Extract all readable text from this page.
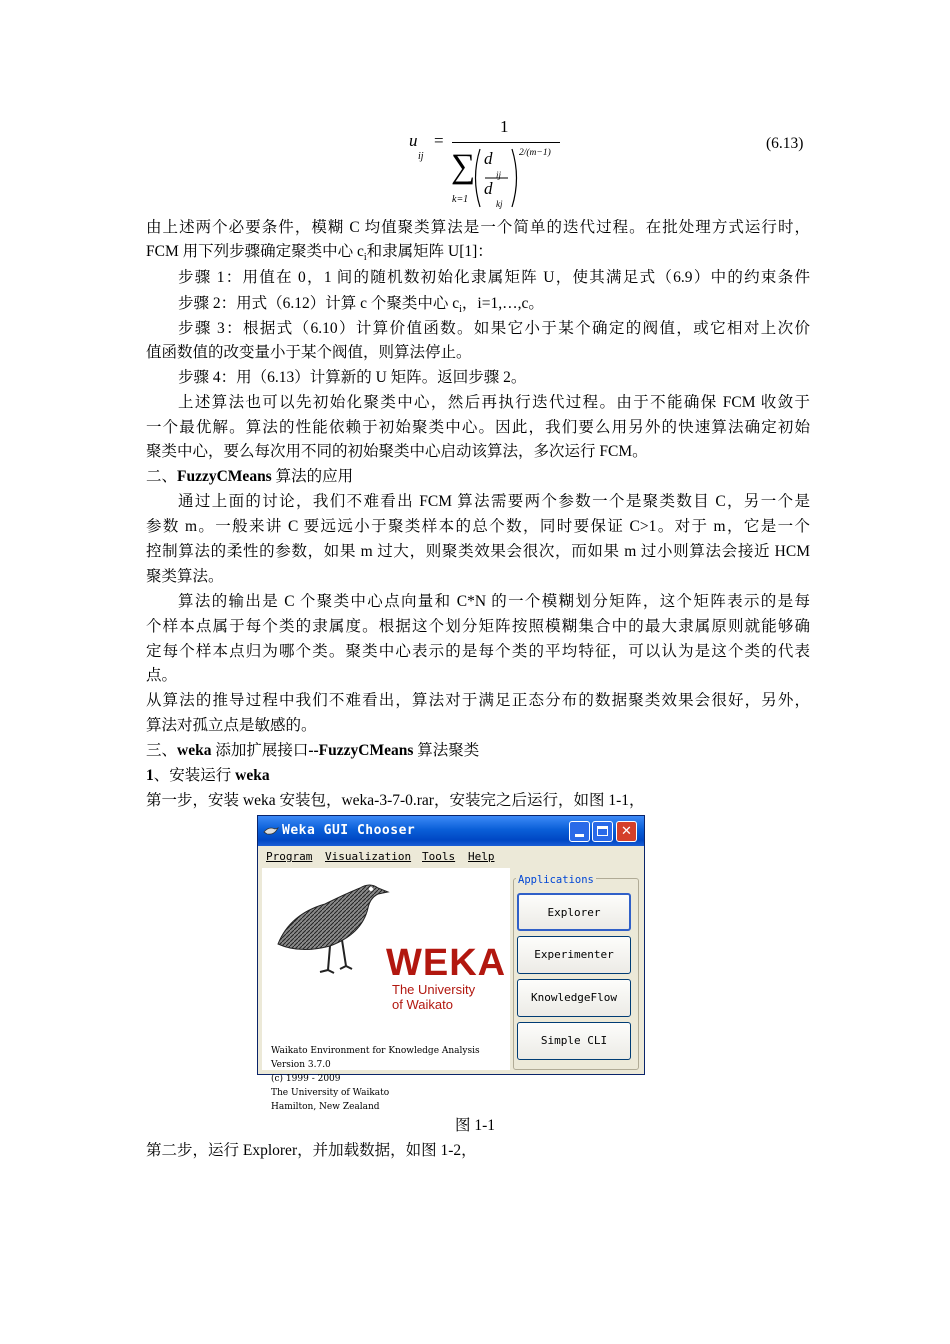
u
ij
=
1
∑
k=1
d
ij
d
kj
2/(m−1)
(6.13)
由上述两个必要条件，模糊 C 均值聚类算法是一个简单的迭代过程。在批处理方式运行时，
FCM 用下列步骤确定聚类中心 $c_i$和隶属矩阵 U[1]：
步骤 1：用值在 0，1 间的随机数初始化隶属矩阵 U，使其满足式（6.9）中的约束条件
步骤 2：用式（6.12）计算 c 个聚类中心 $c_i$，i=1,…,c。
步骤 3：根据式（6.10）计算价值函数。如果它小于某个确定的阀值，或它相对上次价
值函数值的改变量小于某个阀值，则算法停止。
步骤 4：用（6.13）计算新的 U 矩阵。返回步骤 2。
上述算法也可以先初始化聚类中心，然后再执行迭代过程。由于不能确保 FCM 收敛于
一个最优解。算法的性能依赖于初始聚类中心。因此，我们要么用另外的快速算法确定初始
聚类中心，要么每次用不同的初始聚类中心启动该算法，多次运行 FCM。
二、FuzzyCMeans 算法的应用
通过上面的讨论，我们不难看出 FCM 算法需要两个参数一个是聚类数目 C，另一个是
参数 m。一般来讲 C 要远远小于聚类样本的总个数，同时要保证 C>1。对于 m，它是一个
控制算法的柔性的参数，如果 m 过大，则聚类效果会很次，而如果 m 过小则算法会接近 HCM
聚类算法。
算法的输出是 C 个聚类中心点向量和 C*N 的一个模糊划分矩阵，这个矩阵表示的是每
个样本点属于每个类的隶属度。根据这个划分矩阵按照模糊集合中的最大隶属原则就能够确
定每个样本点归为哪个类。聚类中心表示的是每个类的平均特征，可以认为是这个类的代表
点。
从算法的推导过程中我们不难看出，算法对于满足正态分布的数据聚类效果会很好，另外，
算法对孤立点是敏感的。
三、weka 添加扩展接口--FuzzyCMeans 算法聚类
1、安装运行 weka
第一步，安装 weka 安装包，weka-3-7-0.rar，安装完之后运行，如图 1-1，
Weka GUI Chooser	✕
Program Visualization Tools Help
WEKA
The University
of Waikato
Waikato Environment for Knowledge Analysis
Version 3.7.0
(c) 1999 - 2009
The University of Waikato
Hamilton, New Zealand
Applications
Explorer
Experimenter
KnowledgeFlow
Simple CLI
图 1-1
第二步，运行 Explorer，并加载数据，如图 1-2，
